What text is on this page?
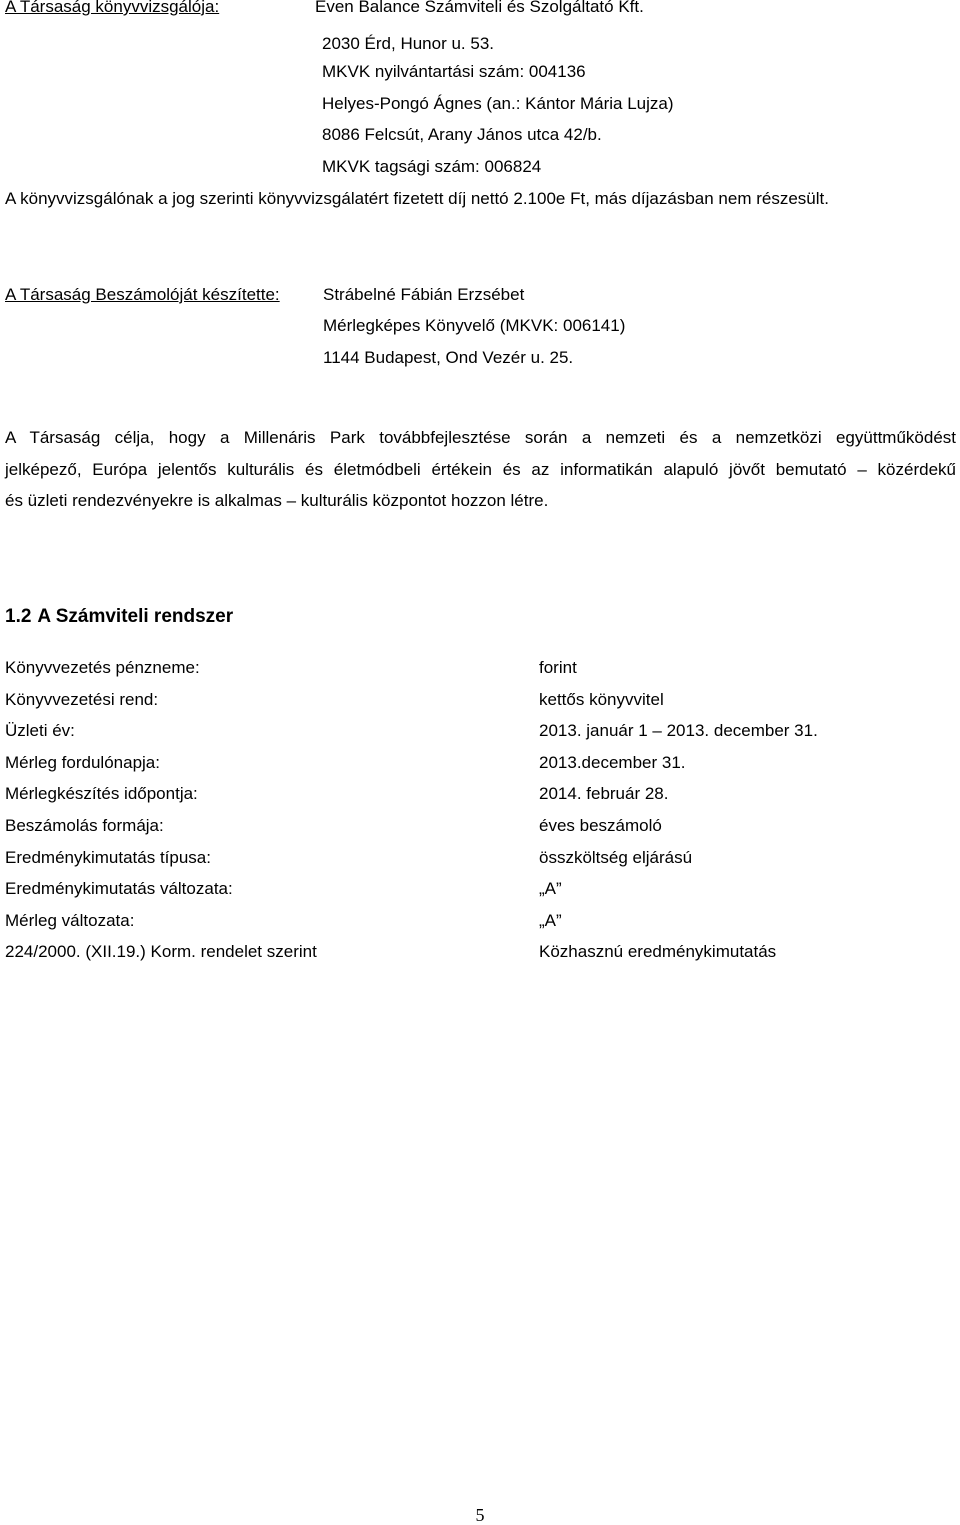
A Társaság könyvvizsgálója:	Even Balance Számviteli és Szolgáltató Kft.
2030 Érd, Hunor u. 53.
MKVK nyilvántartási szám: 004136
Helyes-Pongó Ágnes (an.: Kántor Mária Lujza)
8086 Felcsút, Arany János utca 42/b.
MKVK tagsági szám: 006824
A könyvvizsgálónak a jog szerinti könyvvizsgálatért fizetett díj nettó 2.100e Ft, más díjazásban nem részesült.
A Társaság Beszámolóját készítette:	Strábelné Fábián Erzsébet
Mérlegképes Könyvelő (MKVK: 006141)
1144 Budapest, Ond Vezér u. 25.
A Társaság célja, hogy a Millenáris Park továbbfejlesztése során a nemzeti és a nemzetközi együttműködést
jelképező, Európa jelentős kulturális és életmódbeli értékein és az informatikán alapuló jövőt bemutató – közérdekű
és üzleti rendezvényekre is alkalmas – kulturális központot hozzon létre.
1.2 A Számviteli rendszer
Könyvvezetés pénzneme:	forint
Könyvvezetési rend:	kettős könyvvitel
Üzleti év:	2013. január 1 – 2013. december 31.
Mérleg fordulónapja:	2013.december 31.
Mérlegkészítés időpontja:	2014. február 28.
Beszámolás formája:	éves beszámoló
Eredménykimutatás típusa:	összköltség eljárású
Eredménykimutatás változata:	„A”
Mérleg változata:	„A”
224/2000. (XII.19.) Korm. rendelet szerint	Közhasznú eredménykimutatás
5
